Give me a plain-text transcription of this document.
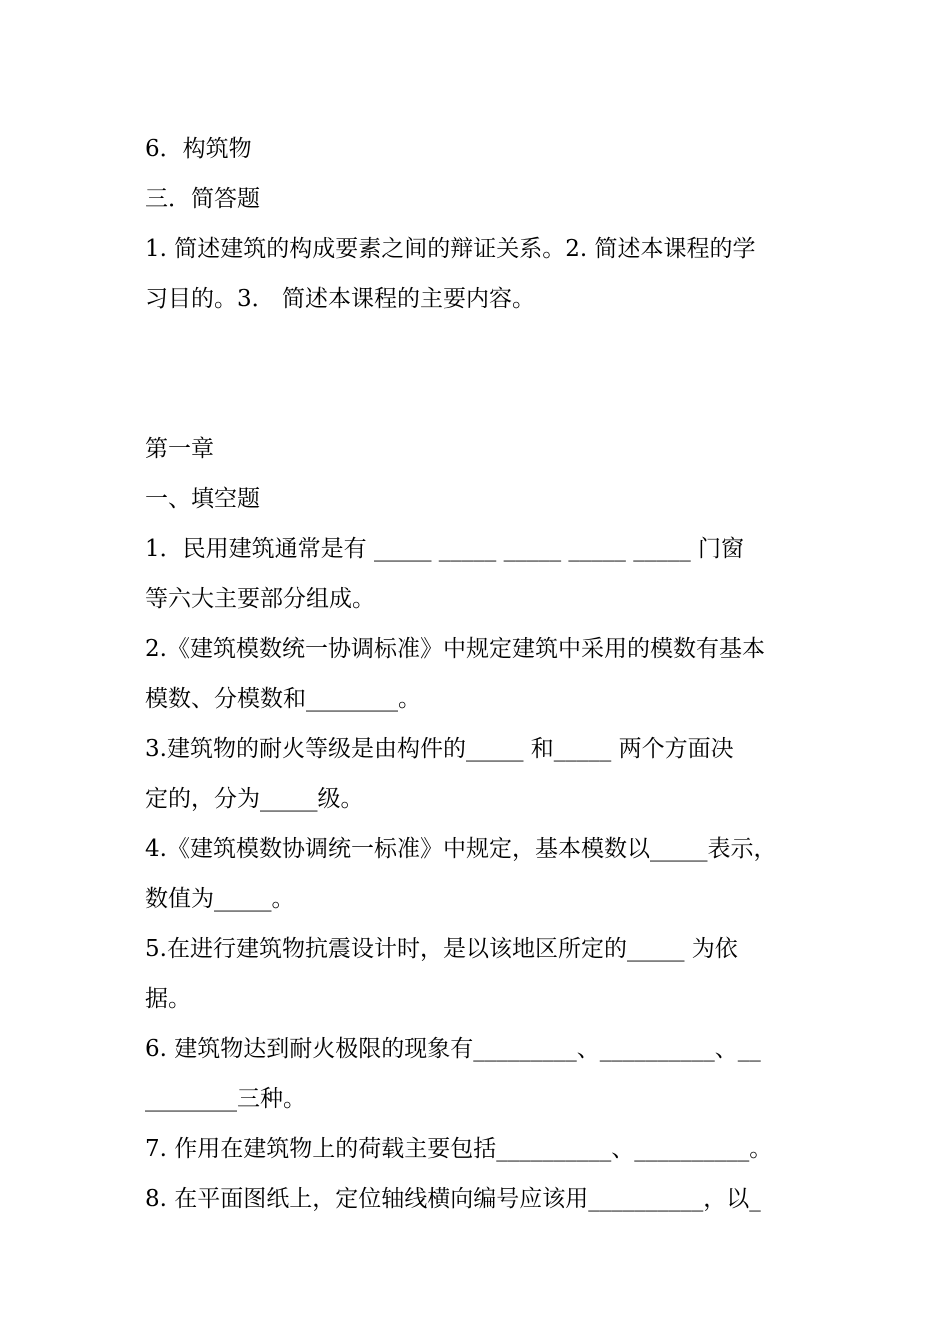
6．构筑物
三．简答题
1. 简述建筑的构成要素之间的辩证关系。2. 简述本课程的学
习目的。3． 简述本课程的主要内容。
第一章
一、填空题
1．民用建筑通常是有 _____ _____ _____ _____ _____ 门窗
等六大主要部分组成。
2.《建筑模数统一协调标准》中规定建筑中采用的模数有基本
模数、分模数和________。
3.建筑物的耐火等级是由构件的_____ 和_____ 两个方面决
定的，分为_____级。
4.《建筑模数协调统一标准》中规定，基本模数以_____表示，
数值为_____。
5.在进行建筑物抗震设计时，是以该地区所定的_____ 为依
据。
6. 建筑物达到耐火极限的现象有_________、__________、__
________三种。
7. 作用在建筑物上的荷载主要包括__________、__________。
8. 在平面图纸上，定位轴线横向编号应该用__________，以_
